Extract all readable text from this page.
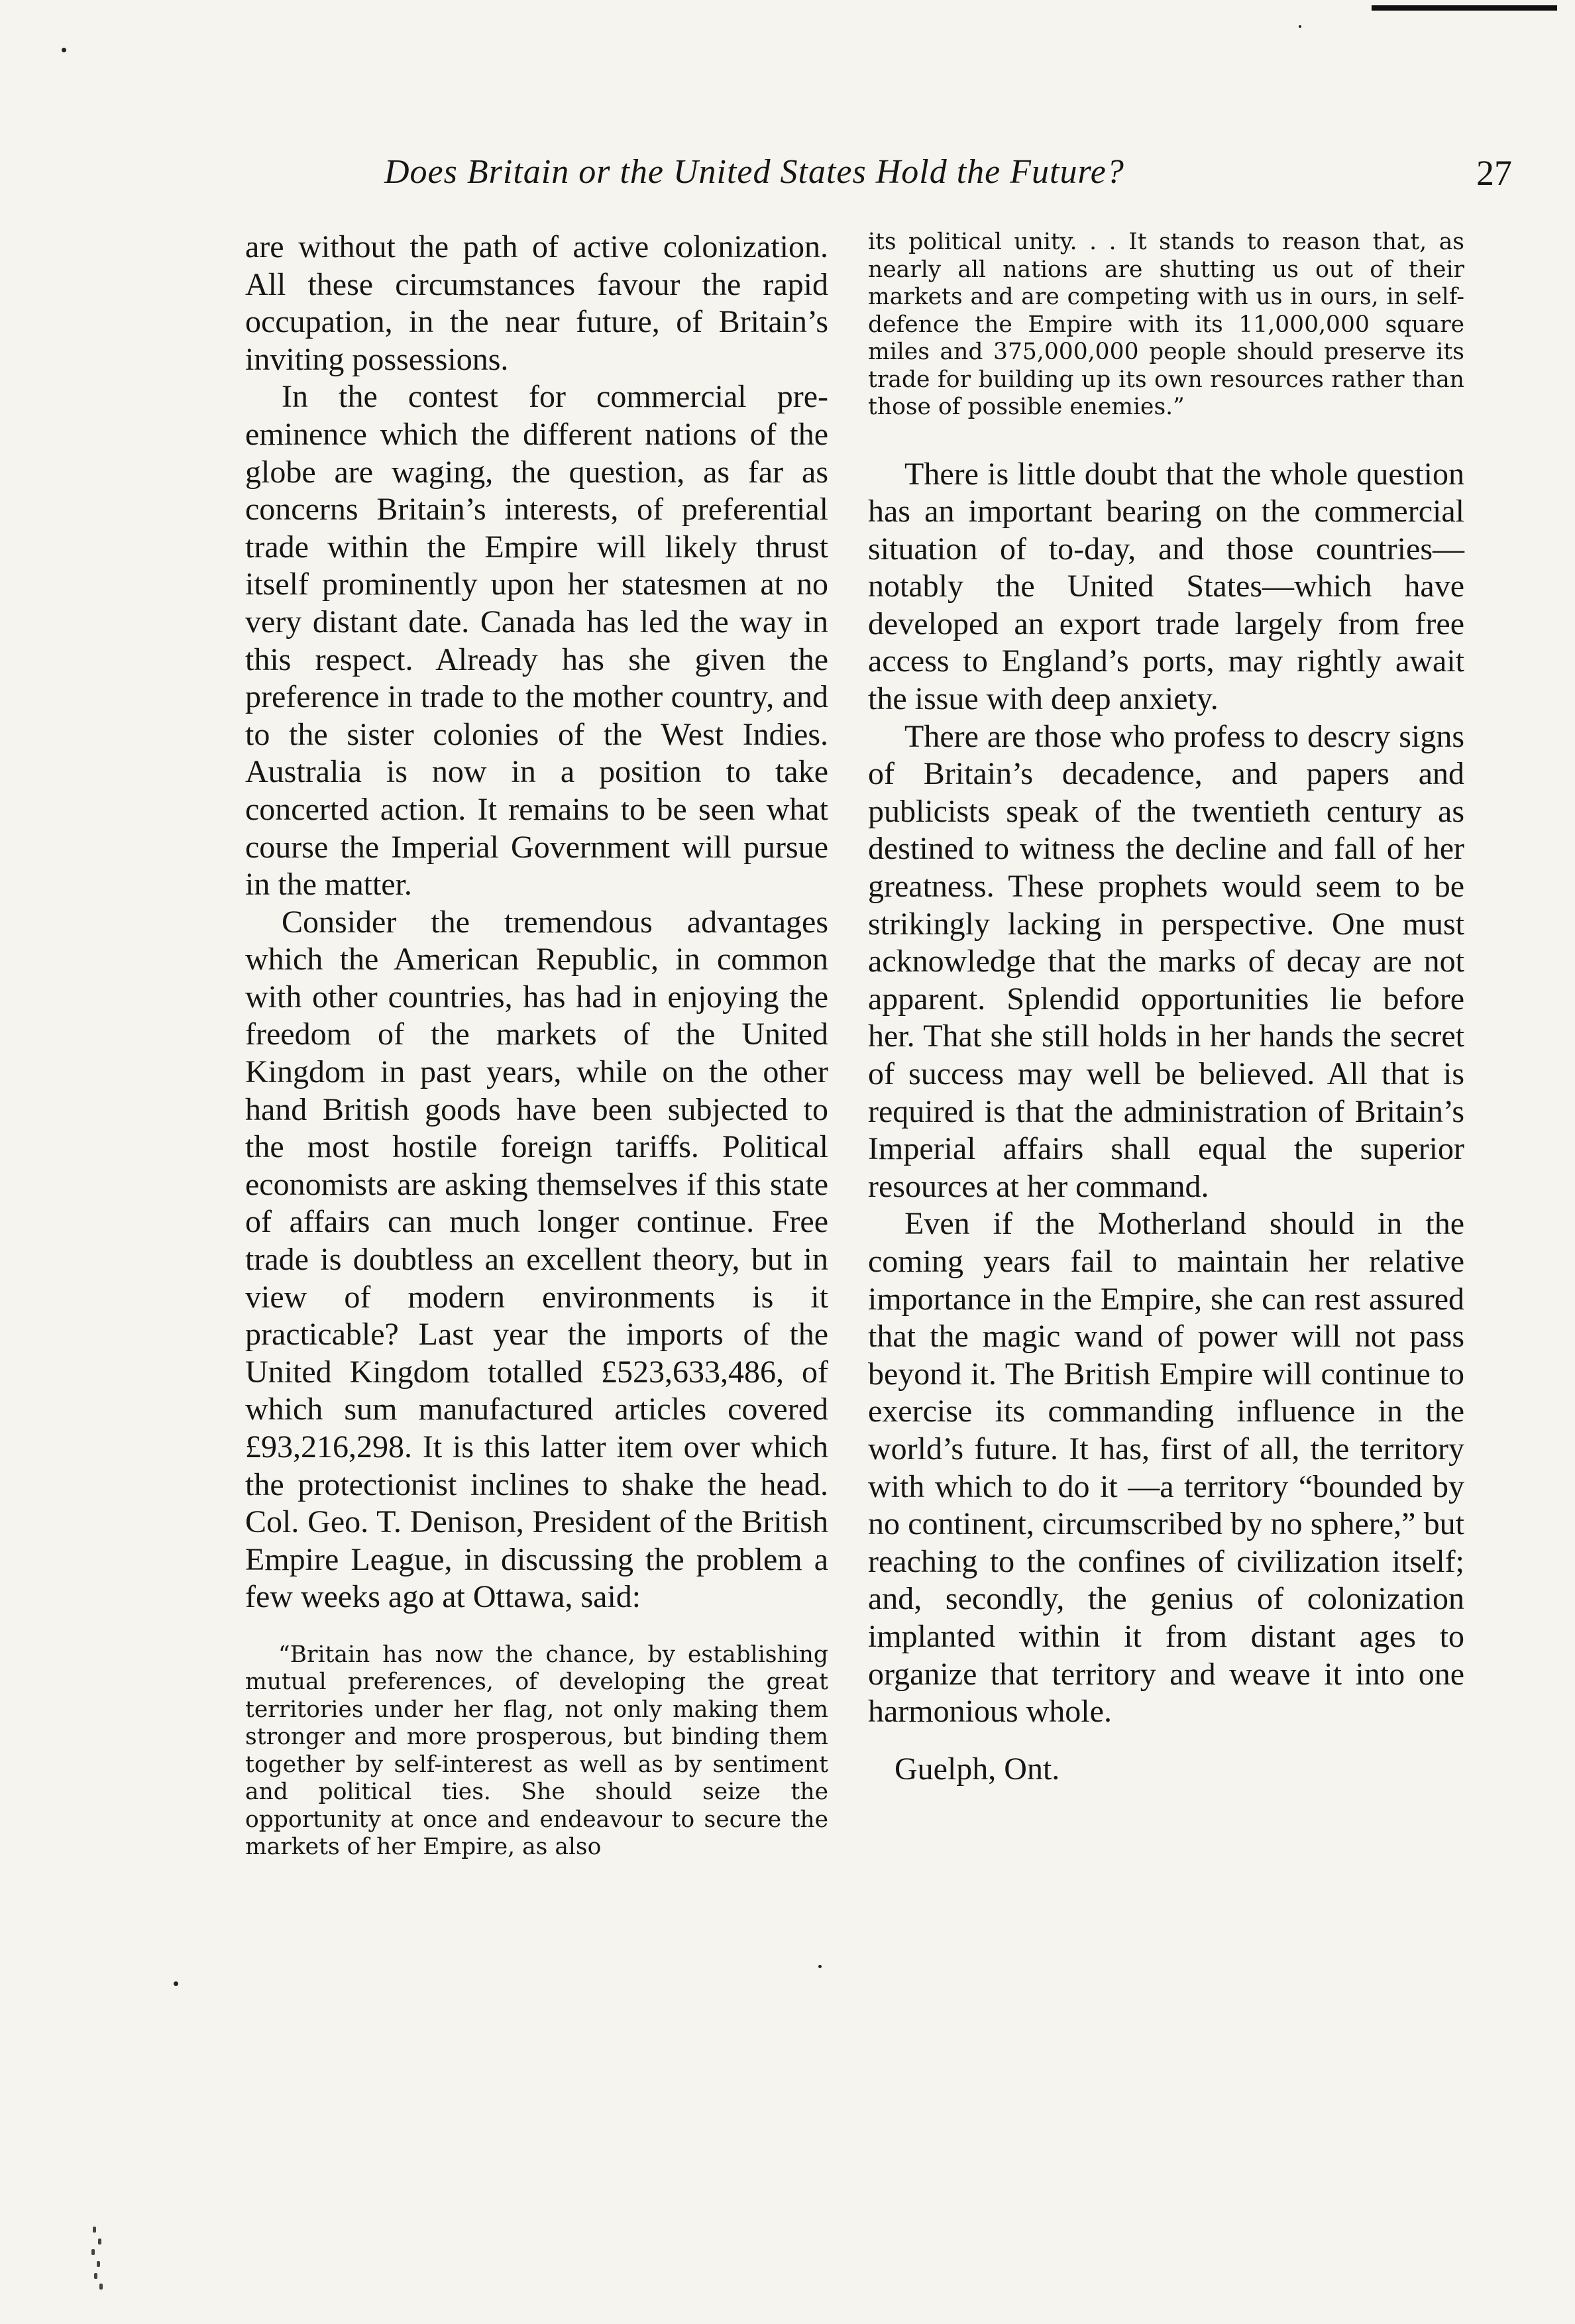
Does Britain or the United States Hold the Future?	27

are without the path of active colonization. All these circumstances favour the rapid occupation, in the near future, of Britain’s inviting possessions.

In the contest for commercial pre-eminence which the different nations of the globe are waging, the question, as far as concerns Britain’s interests, of preferential trade within the Empire will likely thrust itself prominently upon her statesmen at no very distant date. Canada has led the way in this respect. Already has she given the preference in trade to the mother country, and to the sister colonies of the West Indies. Australia is now in a position to take concerted action. It remains to be seen what course the Imperial Government will pursue in the matter.

Consider the tremendous advantages which the American Republic, in common with other countries, has had in enjoying the freedom of the markets of the United Kingdom in past years, while on the other hand British goods have been subjected to the most hostile foreign tariffs. Political economists are asking themselves if this state of affairs can much longer continue. Free trade is doubtless an excellent theory, but in view of modern environments is it practicable? Last year the imports of the United Kingdom totalled £523,633,486, of which sum manufactured articles covered £93,216,298. It is this latter item over which the protectionist inclines to shake the head. Col. Geo. T. Denison, President of the British Empire League, in discussing the problem a few weeks ago at Ottawa, said:

“Britain has now the chance, by establishing mutual preferences, of developing the great territories under her flag, not only making them stronger and more prosperous, but binding them together by self-interest as well as by sentiment and political ties. She should seize the opportunity at once and endeavour to secure the markets of her Empire, as also

its political unity. . . It stands to reason that, as nearly all nations are shutting us out of their markets and are competing with us in ours, in self-defence the Empire with its 11,000,000 square miles and 375,000,000 people should preserve its trade for building up its own resources rather than those of possible enemies.”

There is little doubt that the whole question has an important bearing on the commercial situation of to-day, and those countries—notably the United States—which have developed an export trade largely from free access to England’s ports, may rightly await the issue with deep anxiety.

There are those who profess to descry signs of Britain’s decadence, and papers and publicists speak of the twentieth century as destined to witness the decline and fall of her greatness. These prophets would seem to be strikingly lacking in perspective. One must acknowledge that the marks of decay are not apparent. Splendid opportunities lie before her. That she still holds in her hands the secret of success may well be believed. All that is required is that the administration of Britain’s Imperial affairs shall equal the superior resources at her command.

Even if the Motherland should in the coming years fail to maintain her relative importance in the Empire, she can rest assured that the magic wand of power will not pass beyond it. The British Empire will continue to exercise its commanding influence in the world’s future. It has, first of all, the territory with which to do it —a territory “bounded by no continent, circumscribed by no sphere,” but reaching to the confines of civilization itself; and, secondly, the genius of colonization implanted within it from distant ages to organize that territory and weave it into one harmonious whole.

Guelph, Ont.
